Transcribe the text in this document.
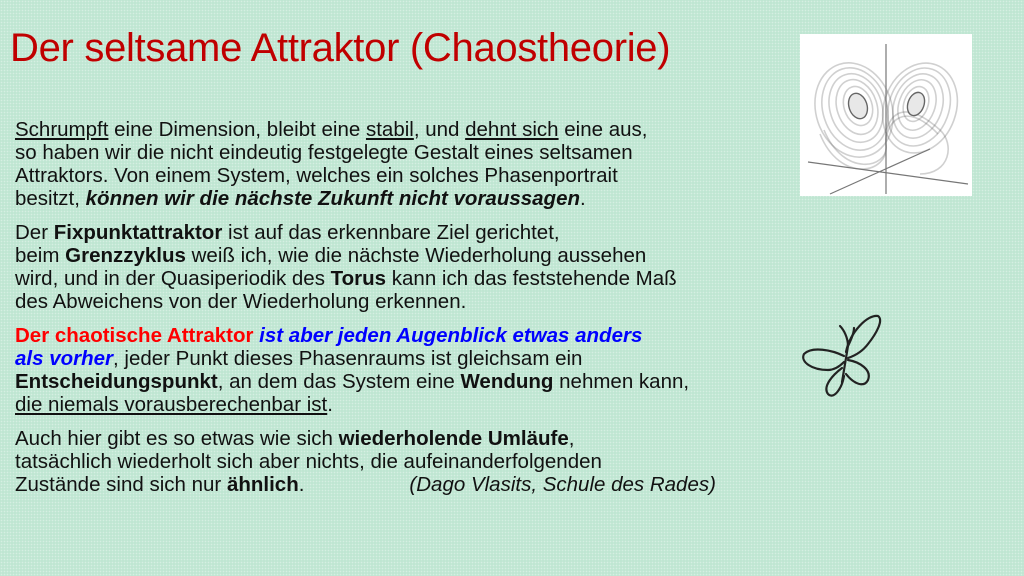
Der seltsame Attraktor (Chaostheorie)

Schrumpft eine Dimension, bleibt eine stabil, und dehnt sich eine aus,
so haben wir die nicht eindeutig festgelegte Gestalt eines seltsamen
Attraktors. Von einem System, welches ein solches Phasenportrait
besitzt, können wir die nächste Zukunft nicht voraussagen.

Der Fixpunktattraktor ist auf das erkennbare Ziel gerichtet,
beim Grenzzyklus weiß ich, wie die nächste Wiederholung aussehen
wird, und in der Quasiperiodik des Torus kann ich das feststehende Maß
des Abweichens von der Wiederholung erkennen.

Der chaotische Attraktor ist aber jeden Augenblick etwas anders
als vorher, jeder Punkt dieses Phasenraums ist gleichsam ein
Entscheidungspunkt, an dem das System eine Wendung nehmen kann,
die niemals vorausberechenbar ist.

Auch hier gibt es so etwas wie sich wiederholende Umläufe,
tatsächlich wiederholt sich aber nichts, die aufeinanderfolgenden
Zustände sind sich nur ähnlich.	(Dago Vlasits, Schule des Rades)
